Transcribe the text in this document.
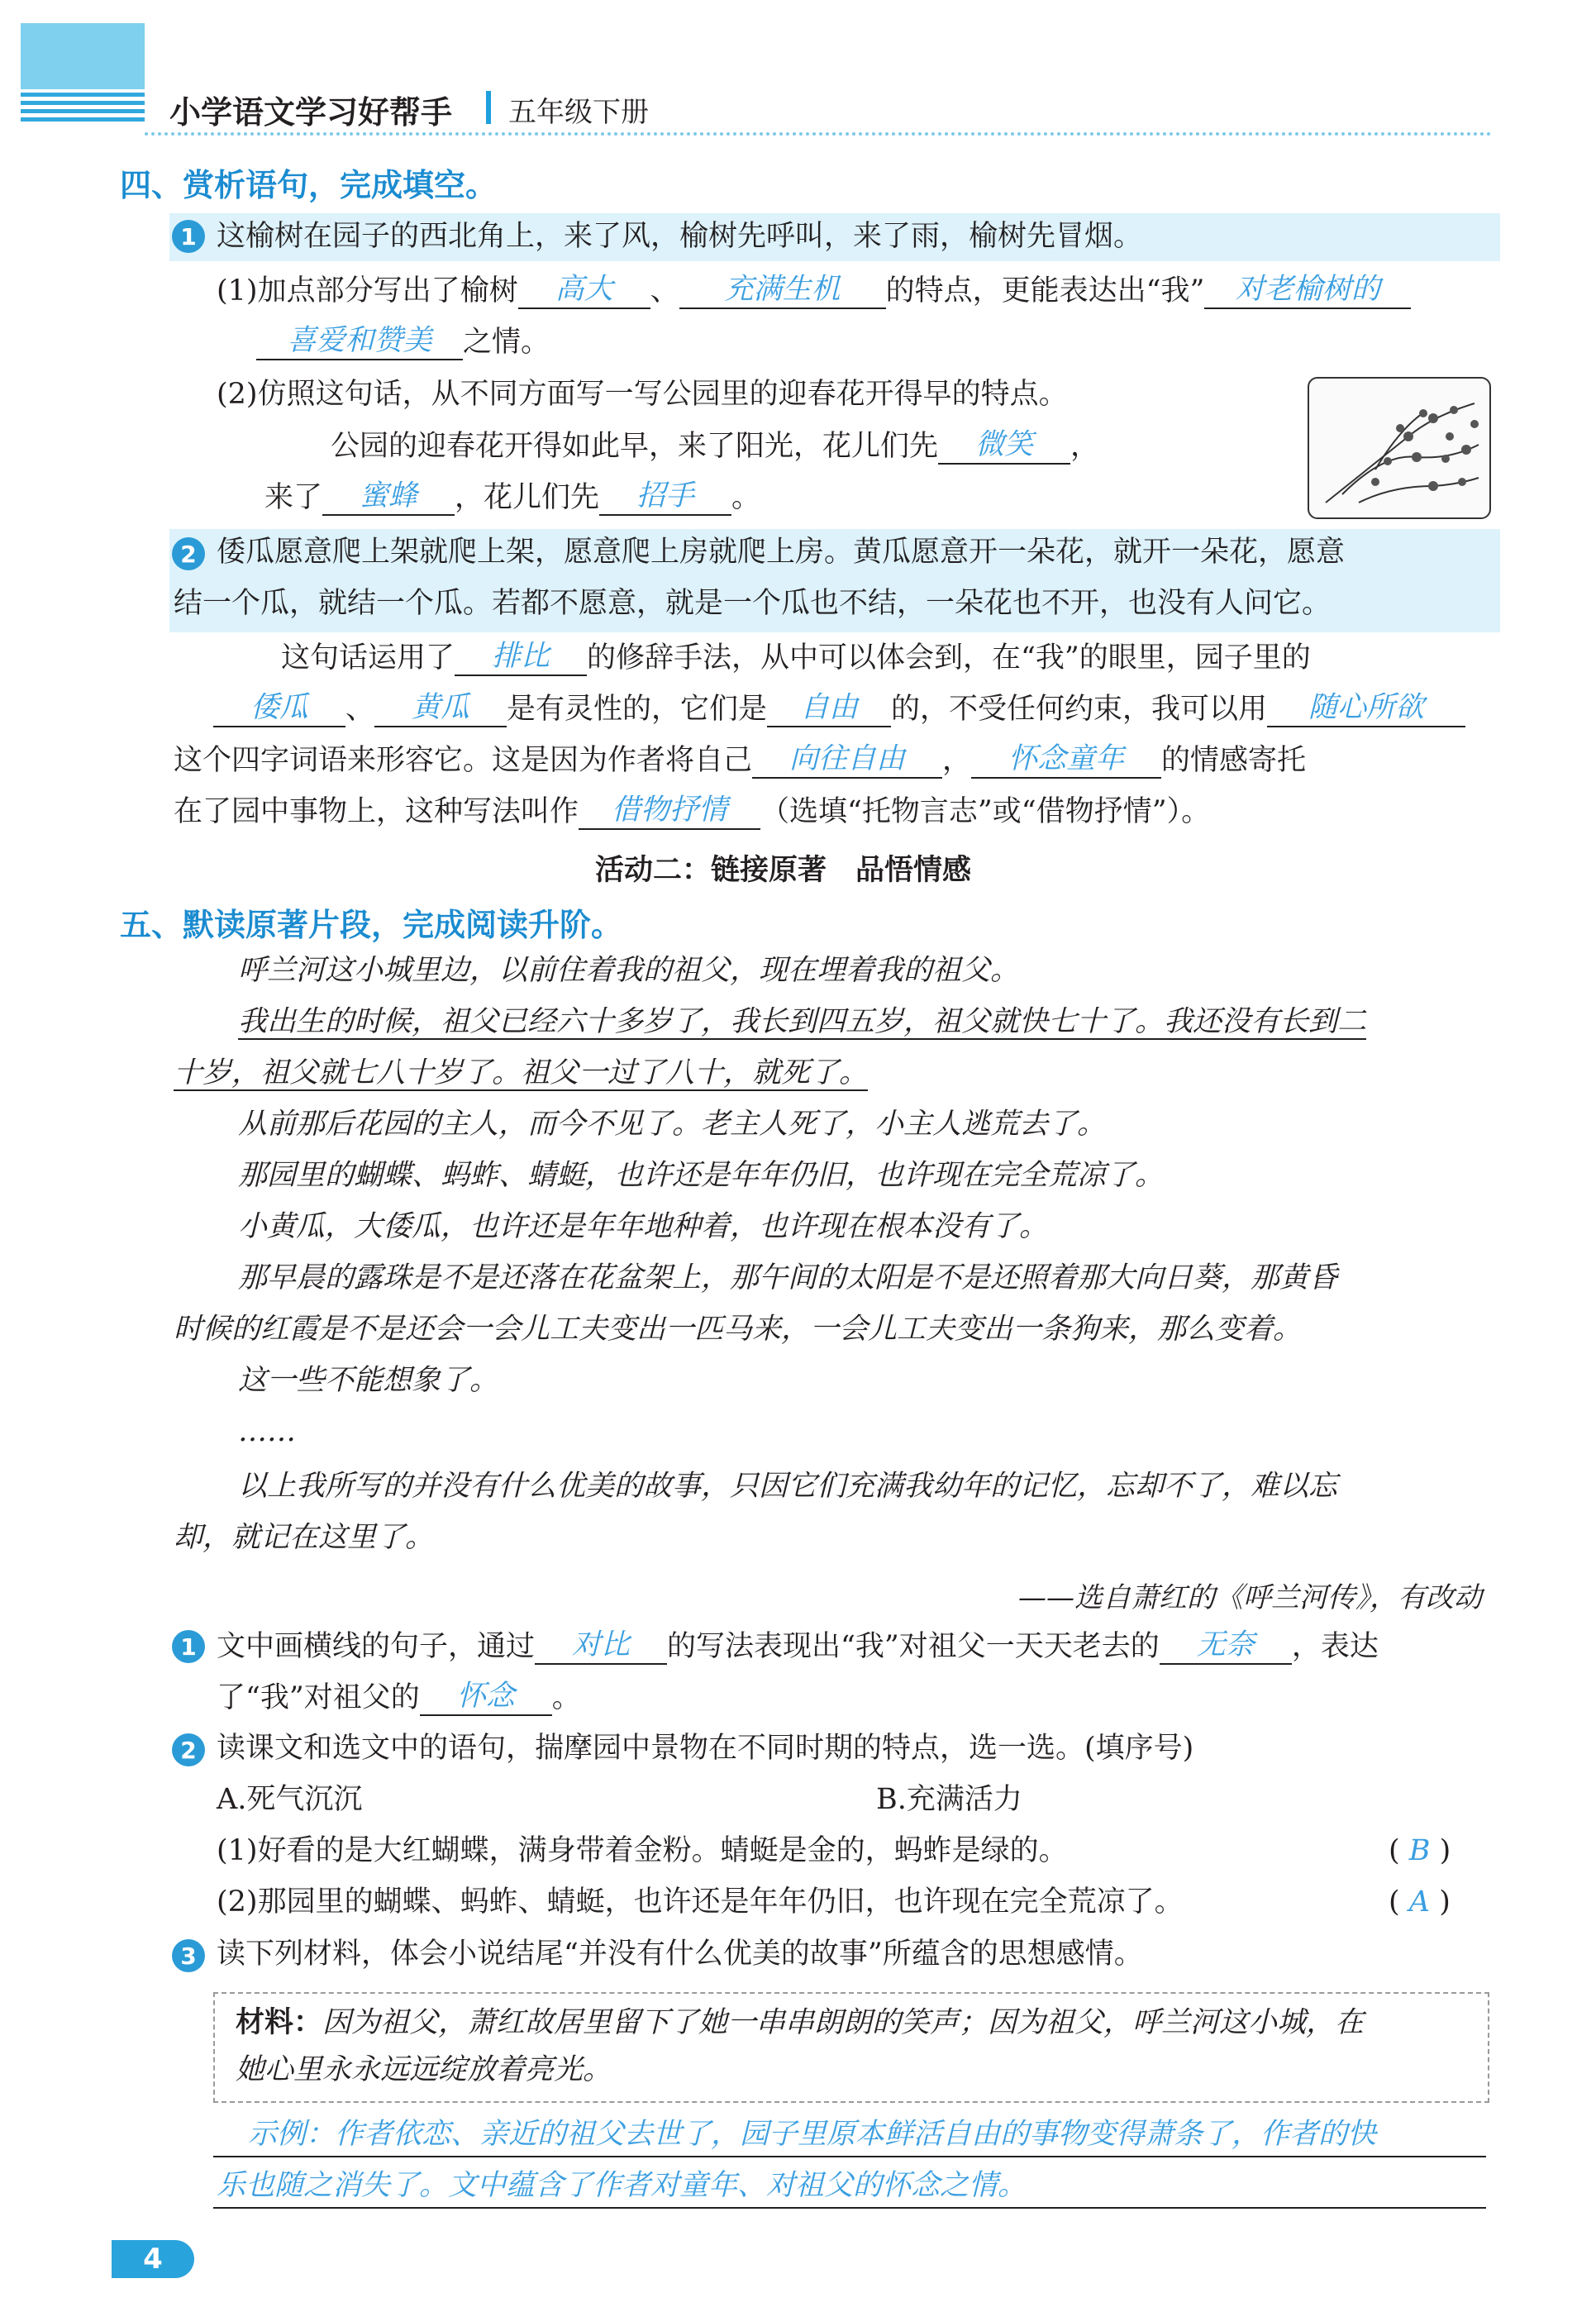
小学语文学习好帮手 五年级下册
四、赏析语句，完成填空。
1 这榆树在园子的西北角上，来了风，榆树先呼叫，来了雨，榆树先冒烟。
(1)加点部分写出了榆树 高大 、 充满生机 的特点，更能表达出“我” 对老榆树的
喜爱和赞美 之情。
(2)仿照这句话，从不同方面写一写公园里的迎春花开得早的特点。
公园的迎春花开得如此早，来了阳光，花儿们先 微笑 ，
来了 蜜蜂 ，花儿们先 招手 。
2 倭瓜愿意爬上架就爬上架，愿意爬上房就爬上房。黄瓜愿意开一朵花，就开一朵花，愿意
结一个瓜，就结一个瓜。若都不愿意，就是一个瓜也不结，一朵花也不开，也没有人问它。
这句话运用了 排比 的修辞手法，从中可以体会到，在“我”的眼里，园子里的
倭瓜 、 黄瓜 是有灵性的，它们是 自由 的，不受任何约束，我可以用 随心所欲
这个四字词语来形容它。这是因为作者将自己 向往自由 ， 怀念童年 的情感寄托
在了园中事物上，这种写法叫作 借物抒情 （选填“托物言志”或“借物抒情”）。
活动二：链接原著　品悟情感
五、默读原著片段，完成阅读升阶。
呼兰河这小城里边，以前住着我的祖父，现在埋着我的祖父。
我出生的时候，祖父已经六十多岁了，我长到四五岁，祖父就快七十了。我还没有长到二
十岁，祖父就七八十岁了。祖父一过了八十，就死了。
从前那后花园的主人，而今不见了。老主人死了，小主人逃荒去了。
那园里的蝴蝶、蚂蚱、蜻蜓，也许还是年年仍旧，也许现在完全荒凉了。
小黄瓜，大倭瓜，也许还是年年地种着，也许现在根本没有了。
那早晨的露珠是不是还落在花盆架上，那午间的太阳是不是还照着那大向日葵，那黄昏
时候的红霞是不是还会一会儿工夫变出一匹马来，一会儿工夫变出一条狗来，那么变着。
这一些不能想象了。
……
以上我所写的并没有什么优美的故事，只因它们充满我幼年的记忆，忘却不了，难以忘
却，就记在这里了。
——选自萧红的《呼兰河传》，有改动
1 文中画横线的句子，通过 对比 的写法表现出“我”对祖父一天天老去的 无奈 ，表达
了“我”对祖父的 怀念 。
2 读课文和选文中的语句，揣摩园中景物在不同时期的特点，选一选。(填序号)
A.死气沉沉	B.充满活力
(1)好看的是大红蝴蝶，满身带着金粉。蜻蜓是金的，蚂蚱是绿的。	( B )
(2)那园里的蝴蝶、蚂蚱、蜻蜓，也许还是年年仍旧，也许现在完全荒凉了。	( A )
3 读下列材料，体会小说结尾“并没有什么优美的故事”所蕴含的思想感情。
材料：因为祖父，萧红故居里留下了她一串串朗朗的笑声；因为祖父，呼兰河这小城，在
她心里永永远远绽放着亮光。
示例：作者依恋、亲近的祖父去世了，园子里原本鲜活自由的事物变得萧条了，作者的快
乐也随之消失了。文中蕴含了作者对童年、对祖父的怀念之情。
4
